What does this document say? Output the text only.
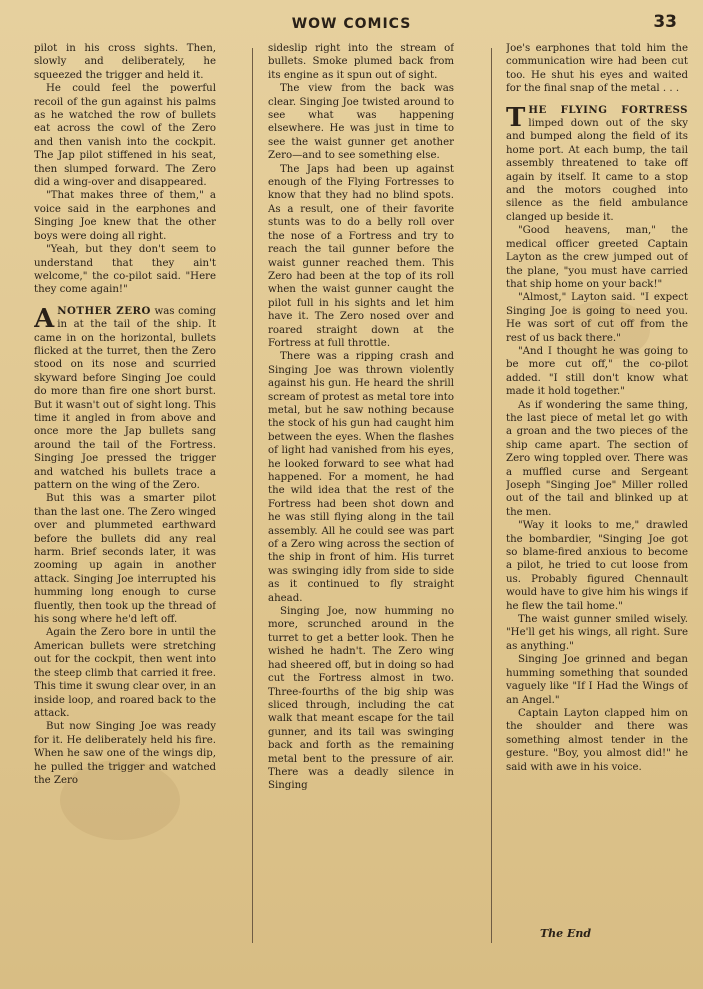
WOW COMICS	33

pilot in his cross sights. Then, slowly and deliberately, he squeezed the trigger and held it.

He could feel the powerful recoil of the gun against his palms as he watched the row of bullets eat across the cowl of the Zero and then vanish into the cockpit. The Jap pilot stiffened in his seat, then slumped forward. The Zero did a wing-over and disappeared.

"That makes three of them," a voice said in the earphones and Singing Joe knew that the other boys were doing all right.

"Yeah, but they don't seem to understand that they ain't welcome," the co-pilot said. "Here they come again!"

ANOTHER ZERO was coming in at the tail of the ship. It came in on the horizontal, bullets flicked at the turret, then the Zero stood on its nose and scurried skyward before Singing Joe could do more than fire one short burst. But it wasn't out of sight long. This time it angled in from above and once more the Jap bullets sang around the tail of the Fortress. Singing Joe pressed the trigger and watched his bullets trace a pattern on the wing of the Zero.

But this was a smarter pilot than the last one. The Zero winged over and plummeted earthward before the bullets did any real harm. Brief seconds later, it was zooming up again in another attack. Singing Joe interrupted his humming long enough to curse fluently, then took up the thread of his song where he'd left off.

Again the Zero bore in until the American bullets were stretching out for the cockpit, then went into the steep climb that carried it free. This time it swung clear over, in an inside loop, and roared back to the attack.

But now Singing Joe was ready for it. He deliberately held his fire. When he saw one of the wings dip, he pulled the trigger and watched the Zero

sideslip right into the stream of bullets. Smoke plumed back from its engine as it spun out of sight.

The view from the back was clear. Singing Joe twisted around to see what was happening elsewhere. He was just in time to see the waist gunner get another Zero—and to see something else.

The Japs had been up against enough of the Flying Fortresses to know that they had no blind spots. As a result, one of their favorite stunts was to do a belly roll over the nose of a Fortress and try to reach the tail gunner before the waist gunner reached them. This Zero had been at the top of its roll when the waist gunner caught the pilot full in his sights and let him have it. The Zero nosed over and roared straight down at the Fortress at full throttle.

There was a ripping crash and Singing Joe was thrown violently against his gun. He heard the shrill scream of protest as metal tore into metal, but he saw nothing because the stock of his gun had caught him between the eyes. When the flashes of light had vanished from his eyes, he looked forward to see what had happened. For a moment, he had the wild idea that the rest of the Fortress had been shot down and he was still flying along in the tail assembly. All he could see was part of a Zero wing across the section of the ship in front of him. His turret was swinging idly from side to side as it continued to fly straight ahead.

Singing Joe, now humming no more, scrunched around in the turret to get a better look. Then he wished he hadn't. The Zero wing had sheered off, but in doing so had cut the Fortress almost in two. Three-fourths of the big ship was sliced through, including the cat walk that meant escape for the tail gunner, and its tail was swinging back and forth as the remaining metal bent to the pressure of air. There was a deadly silence in Singing

Joe's earphones that told him the communication wire had been cut too. He shut his eyes and waited for the final snap of the metal . . .

THE FLYING FORTRESS limped down out of the sky and bumped along the field of its home port. At each bump, the tail assembly threatened to take off again by itself. It came to a stop and the motors coughed into silence as the field ambulance clanged up beside it.

"Good heavens, man," the medical officer greeted Captain Layton as the crew jumped out of the plane, "you must have carried that ship home on your back!"

"Almost," Layton said. "I expect Singing Joe is going to need you. He was sort of cut off from the rest of us back there."

"And I thought he was going to be more cut off," the co-pilot added. "I still don't know what made it hold together."

As if wondering the same thing, the last piece of metal let go with a groan and the two pieces of the ship came apart. The section of Zero wing toppled over. There was a muffled curse and Sergeant Joseph "Singing Joe" Miller rolled out of the tail and blinked up at the men.

"Way it looks to me," drawled the bombardier, "Singing Joe got so blame-fired anxious to become a pilot, he tried to cut loose from us. Probably figured Chennault would have to give him his wings if he flew the tail home."

The waist gunner smiled wisely. "He'll get his wings, all right. Sure as anything."

Singing Joe grinned and began humming something that sounded vaguely like "If I Had the Wings of an Angel."

Captain Layton clapped him on the shoulder and there was something almost tender in the gesture. "Boy, you almost did!" he said with awe in his voice.

The End
